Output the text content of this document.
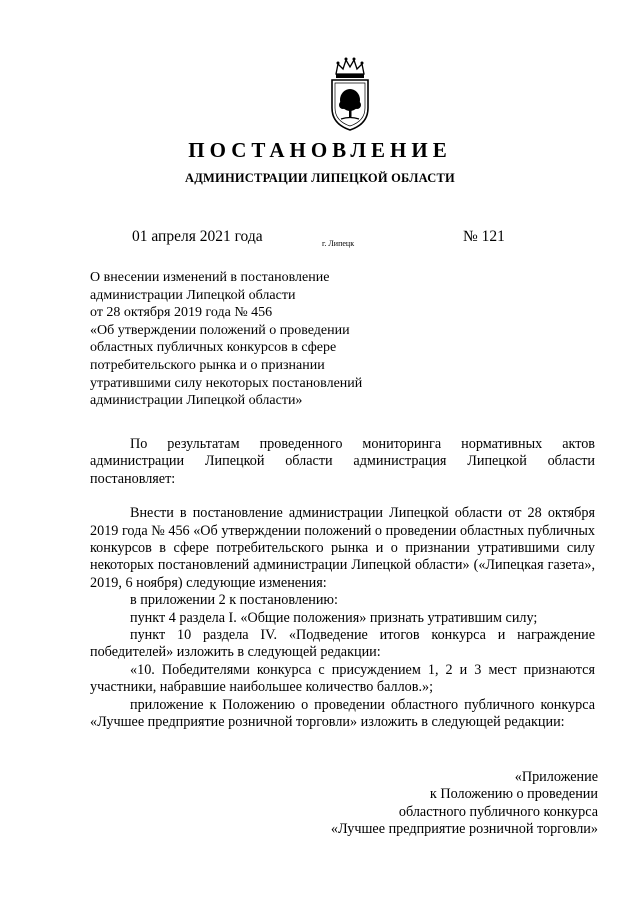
ПОСТАНОВЛЕНИЕ
АДМИНИСТРАЦИИ ЛИПЕЦКОЙ ОБЛАСТИ
01 апреля 2021 года	г. Липецк	№ 121
О внесении изменений в постановление
администрации Липецкой области
от 28 октября 2019 года № 456
«Об утверждении положений о проведении
областных публичных конкурсов в сфере
потребительского рынка и о признании
утратившими силу некоторых постановлений
администрации Липецкой области»

По результатам проведенного мониторинга нормативных актов администрации Липецкой области администрация Липецкой области постановляет:

Внести в постановление администрации Липецкой области от 28 октября 2019 года № 456 «Об утверждении положений о проведении областных публичных конкурсов в сфере потребительского рынка и о признании утратившими силу некоторых постановлений администрации Липецкой области» («Липецкая газета», 2019, 6 ноября) следующие изменения:

в приложении 2 к постановлению:

пункт 4 раздела I. «Общие положения» признать утратившим силу;

пункт 10 раздела IV. «Подведение итогов конкурса и награждение победителей» изложить в следующей редакции:

«10. Победителями конкурса с присуждением 1, 2 и 3 мест признаются участники, набравшие наибольшее количество баллов.»;

приложение к Положению о проведении областного публичного конкурса «Лучшее предприятие розничной торговли» изложить в следующей редакции:

«Приложение
к Положению о проведении
областного публичного конкурса
«Лучшее предприятие розничной торговли»
